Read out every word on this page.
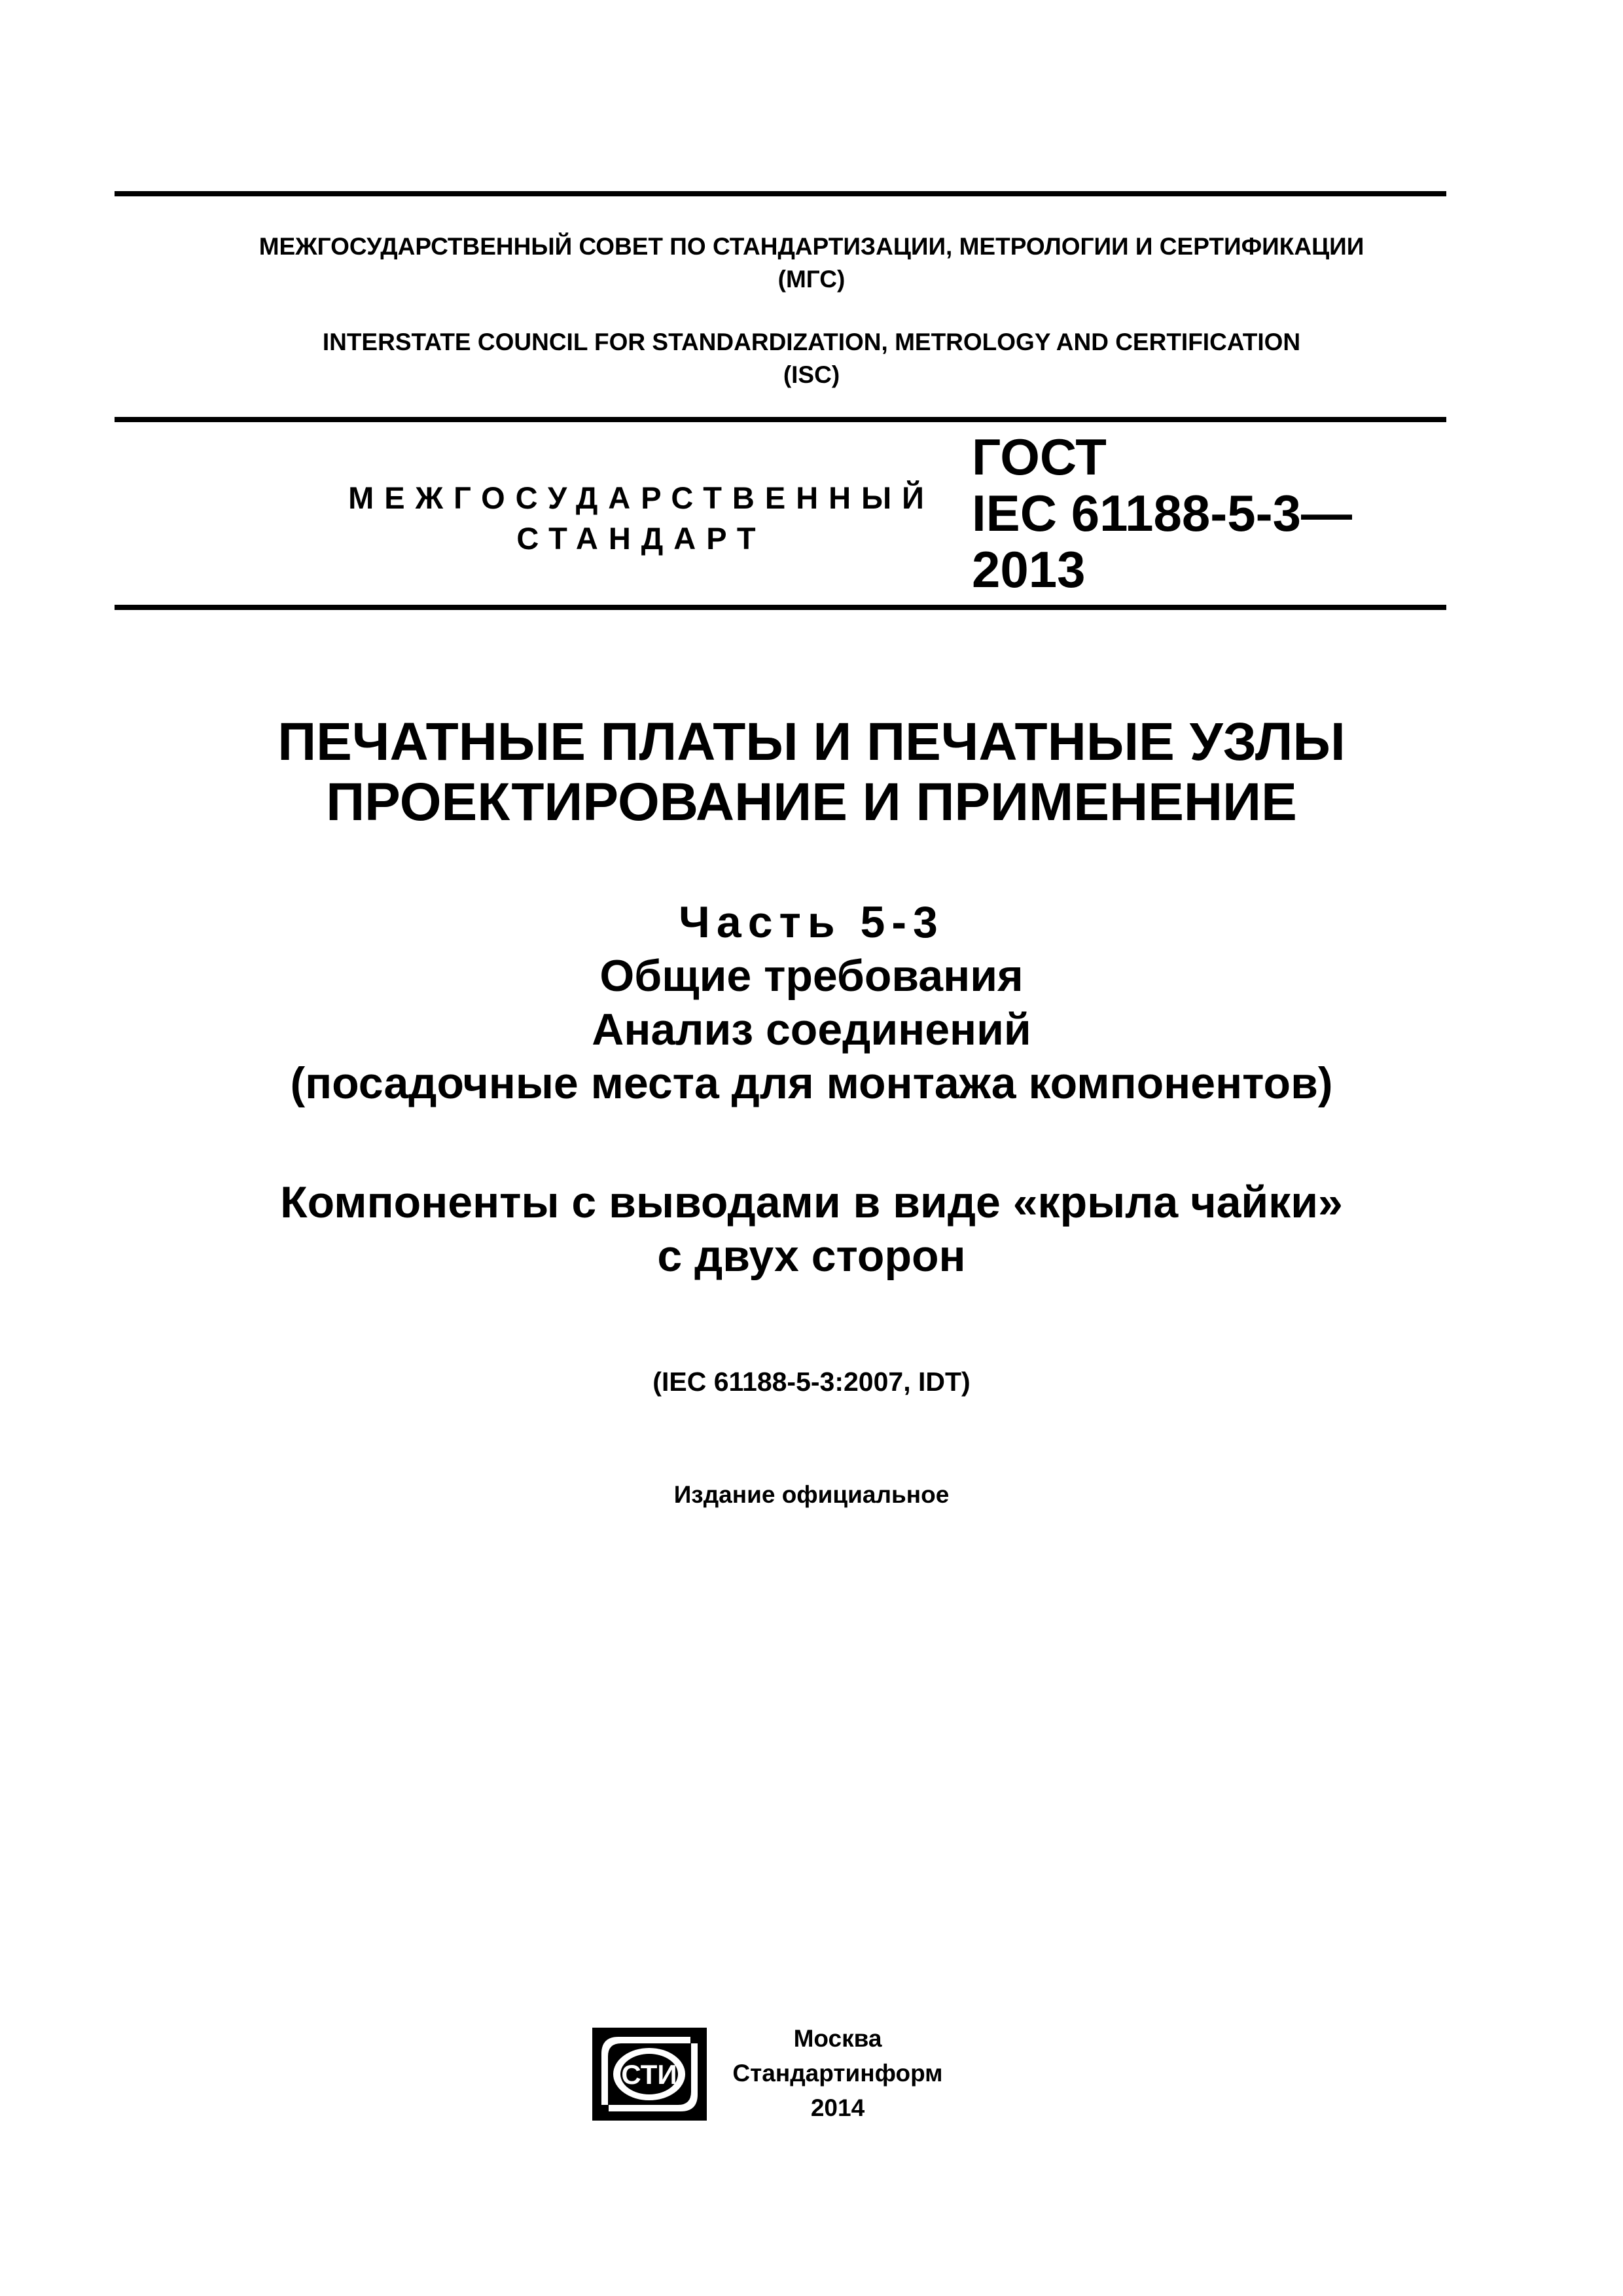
МЕЖГОСУДАРСТВЕННЫЙ СОВЕТ ПО СТАНДАРТИЗАЦИИ, МЕТРОЛОГИИ И СЕРТИФИКАЦИИ
(МГС)
INTERSTATE COUNCIL FOR STANDARDIZATION, METROLOGY AND CERTIFICATION
(ISC)
МЕЖГОСУДАРСТВЕННЫЙ
СТАНДАРТ
ГОСТ
IEC 61188-5-3—
2013
ПЕЧАТНЫЕ ПЛАТЫ И ПЕЧАТНЫЕ УЗЛЫ
ПРОЕКТИРОВАНИЕ И ПРИМЕНЕНИЕ
Часть 5-3
Общие требования
Анализ соединений
(посадочные места для монтажа компонентов)
Компоненты с выводами в виде «крыла чайки»
с двух сторон
(IEC 61188-5-3:2007, IDT)
Издание официальное
СТИ
Москва
Стандартинформ
2014
